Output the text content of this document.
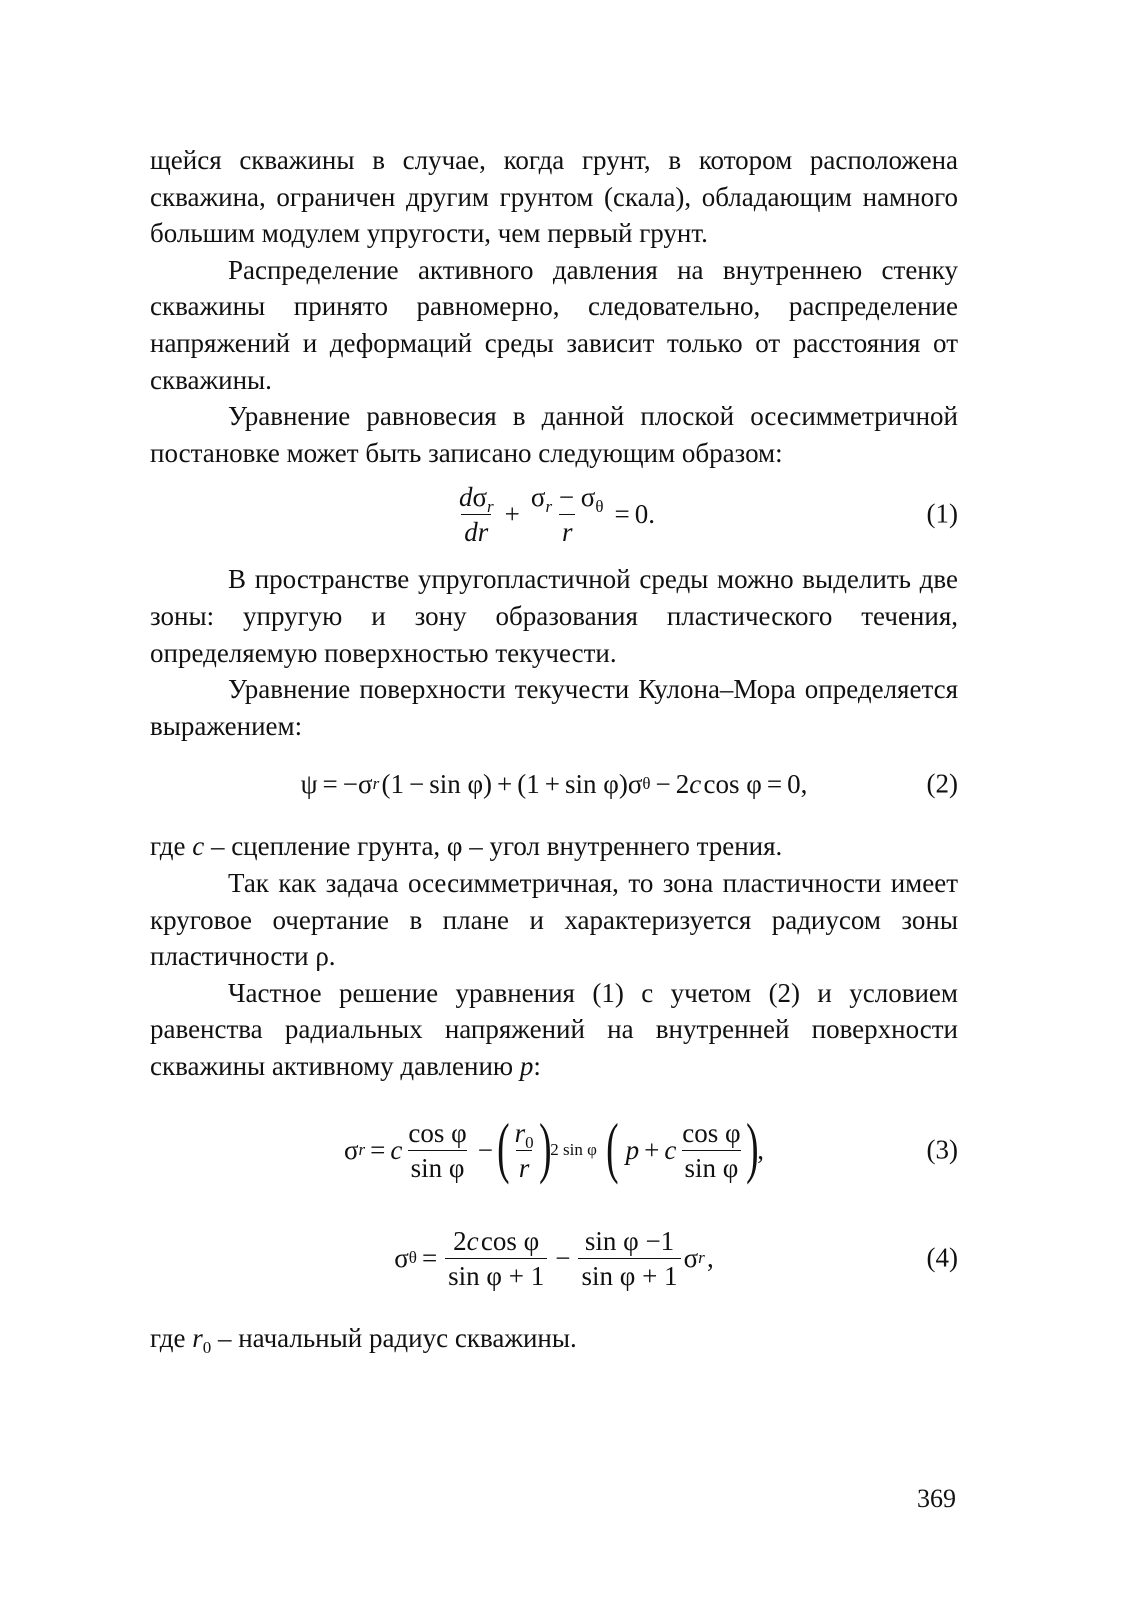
щейся скважины в случае, когда грунт, в котором расположена скважина, ограничен другим грунтом (скала), обладающим намного большим модулем упругости, чем первый грунт.

Распределение активного давления на внутреннею стенку скважины принято равномерно, следовательно, распределение напряжений и деформаций среды зависит только от расстояния от скважины.

Уравнение равновесия в данной плоской осесимметричной постановке может быть записано следующим образом:

$\frac{d\sigma_r}{dr} + \frac{\sigma_r - \sigma_\theta}{r} = 0$.	(1)

В пространстве упругопластичной среды можно выделить две зоны: упругую и зону образования пластического течения, определяемую поверхностью текучести.

Уравнение поверхности текучести Кулона–Мора определяется выражением:

ψ = −σ r  (1 − sin φ) + (1 + sin φ)σ θ − 2 c  cos φ = 0,	(2)

где c – сцепление грунта, φ – угол внутреннего трения.

Так как задача осесимметричная, то зона пластичности имеет круговое очертание в плане и характеризуется радиусом зоны пластичности ρ.

Частное решение уравнения (1) с учетом (2) и условием равенства радиальных напряжений на внутренней поверхности скважины активному давлению p:

σ r = c $\frac{\text{cos φ}}{\text{sin φ}}$ − ( $\frac{r_0}{r}$ ) 2 sin φ ( p + c $\frac{\text{cos φ}}{\text{sin φ}}$ ) ,	(3)
σ $\theta = \frac{\text{2c cos φ}}{\text{sin φ + 1}} - \frac{\text{sin φ −1}}{\text{sin φ + 1}}$ σ r  ,	(4)

где $r_0$ – начальный радиус скважины.

369
